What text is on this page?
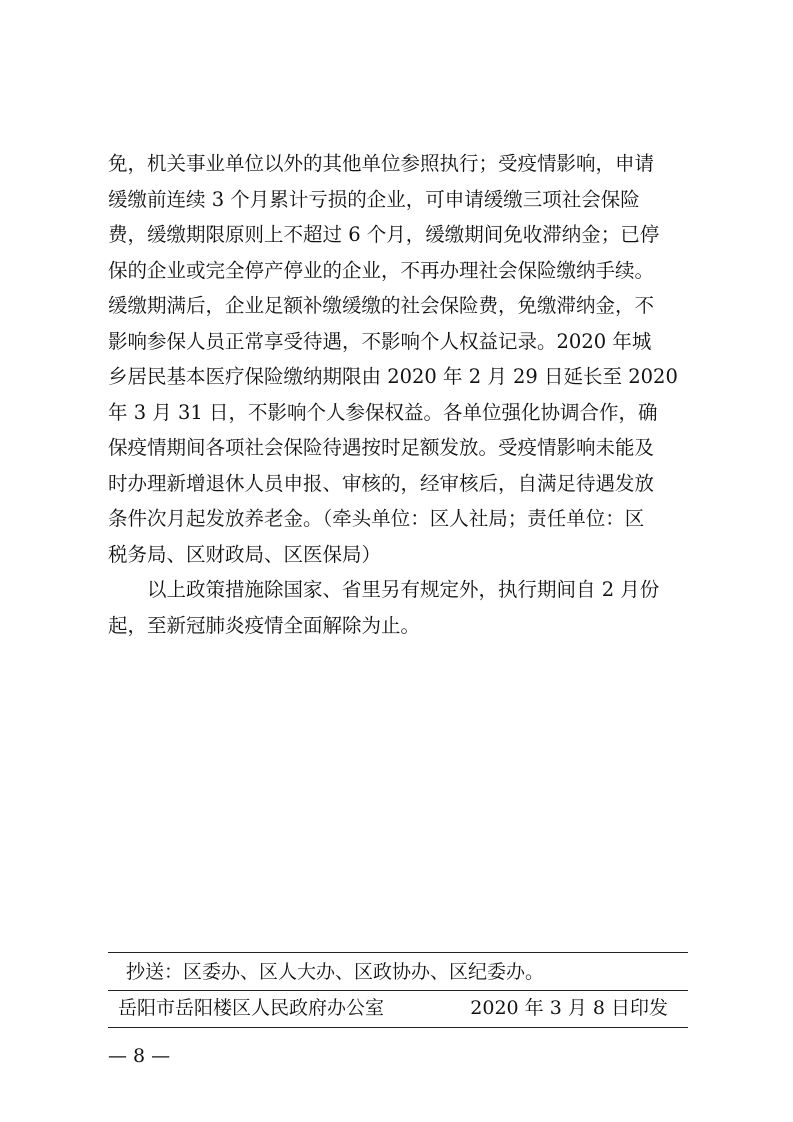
免，机关事业单位以外的其他单位参照执行；受疫情影响，申请
缓缴前连续 3 个月累计亏损的企业，可申请缓缴三项社会保险
费，缓缴期限原则上不超过 6 个月，缓缴期间免收滞纳金；已停
保的企业或完全停产停业的企业，不再办理社会保险缴纳手续。
缓缴期满后，企业足额补缴缓缴的社会保险费，免缴滞纳金，不
影响参保人员正常享受待遇，不影响个人权益记录。2020 年城
乡居民基本医疗保险缴纳期限由 2020 年 2 月 29 日延长至 2020
年 3 月 31 日，不影响个人参保权益。各单位强化协调合作，确
保疫情期间各项社会保险待遇按时足额发放。受疫情影响未能及
时办理新增退休人员申报、审核的，经审核后，自满足待遇发放
条件次月起发放养老金。（牵头单位：区人社局；责任单位：区
税务局、区财政局、区医保局）
以上政策措施除国家、省里另有规定外，执行期间自 2 月份
起，至新冠肺炎疫情全面解除为止。
抄送：区委办、区人大办、区政协办、区纪委办。
岳阳市岳阳楼区人民政府办公室	2020 年 3 月 8 日印发
— 8 —
